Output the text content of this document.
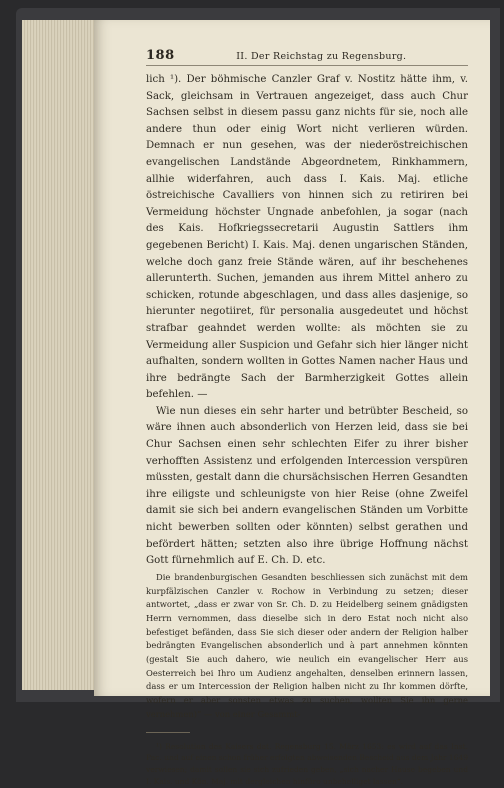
188	II. Der Reichstag zu Regensburg.

lich ¹). Der böhmische Canzler Graf v. Nostitz hätte ihm, v. Sack, gleichsam in Vertrauen angezeiget, dass auch Chur Sachsen selbst in diesem passu ganz nichts für sie, noch alle andere thun oder einig Wort nicht verlieren würden. Demnach er nun gesehen, was der niederöstreichischen evangelischen Landstände Abgeordnetem, Rinkhammern, allhie widerfahren, auch dass I. Kais. Maj. etliche östreichische Cavalliers von hinnen sich zu retiriren bei Vermeidung höchster Ungnade anbefohlen, ja sogar (nach des Kais. Hofkriegssecretarii Augustin Sattlers ihm gegebenen Bericht) I. Kais. Maj. denen ungarischen Ständen, welche doch ganz freie Stände wären, auf ihr beschehenes allerunterth. Suchen, jemanden aus ihrem Mittel anhero zu schicken, rotunde abgeschlagen, und dass alles dasjenige, so hierunter negotiiret, für personalia ausgedeutet und höchst strafbar geahndet werden wollte: als möchten sie zu Vermeidung aller Suspicion und Gefahr sich hier länger nicht aufhalten, sondern wollten in Gottes Namen nacher Haus und ihre bedrängte Sach der Barmherzigkeit Gottes allein befehlen. —

Wie nun dieses ein sehr harter und betrübter Bescheid, so wäre ihnen auch absonderlich von Herzen leid, dass sie bei Chur Sachsen einen sehr schlechten Eifer zu ihrer bisher verhofften Assistenz und erfolgenden Intercession verspüren müssten, gestalt dann die chursächsischen Herren Gesandten ihre eiligste und schleunigste von hier Reise (ohne Zweifel damit sie sich bei andern evangelischen Ständen um Vorbitte nicht bewerben sollten oder könnten) selbst gerathen und befördert hätten; setzten also ihre übrige Hoffnung nächst Gott fürnehmlich auf E. Ch. D. etc.

Die brandenburgischen Gesandten beschliessen sich zunächst mit dem kurpfälzischen Canzler v. Rochow in Verbindung zu setzen; dieser antwortet, „dass er zwar von Sr. Ch. D. zu Heidelberg seinem gnädigsten Herrn vernommen, dass dieselbe sich in dero Estat noch nicht also befestiget befänden, dass Sie sich dieser oder andern der Religion halber bedrängten Evangelischen absonderlich und à part annehmen könnten (gestalt Sie auch dahero, wie neulich ein evangelischer Herr aus Oesterreich bei Ihro um Audienz angehalten, denselben erinnern lassen, dass er um Intercession der Religion halben nicht zu Ihr kommen dörfte, wofern er aber sonsten etwas zu suchen, wollten Sie ihn gerne vernehmen)“ — von einer Gesammt-

¹) Resolution des Kaisers dat. Regensburg 15. März 1653: es wird auf das Inst. Pac. und auf einen schon früher erfolgten abweisenden Bescheid aus dem Jahr 1649 verwiesen; damit sollen sie sich zufrieden geben, „sich nacher Hause begeben und I. Kais. und Kön. Maj. mit dergleichen hinfüro unbehelliget lassen“.
